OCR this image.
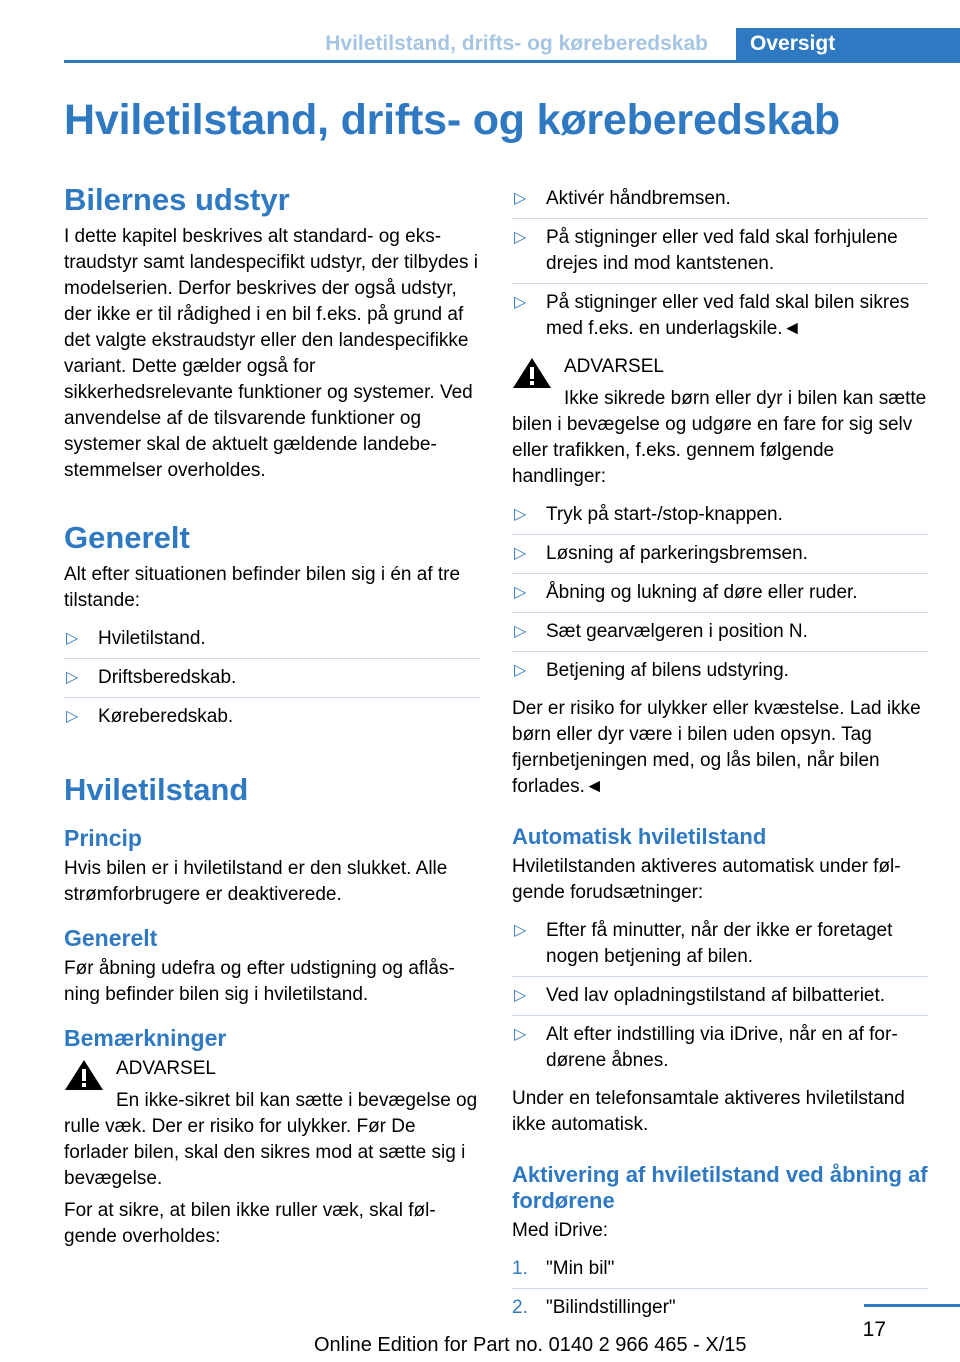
Hviletilstand, drifts- og køreberedskab	Oversigt
Hviletilstand, drifts- og køreberedskab
Bilernes udstyr

I dette kapitel beskrives alt standard- og ekstraudstyr samt landespecifikt udstyr, der tilbydes i modelserien. Derfor beskrives der også udstyr, der ikke er til rådighed i en bil f.eks. på grund af det valgte ekstraudstyr eller den landespecifikke variant. Dette gælder også for sikkerhedsrelevante funktioner og systemer. Ved anvendelse af de tilsvarende funktioner og systemer skal de aktuelt gældende landebestemmelser overholdes.

Generelt

Alt efter situationen befinder bilen sig i én af tre tilstande:

▷ Hviletilstand.
▷ Driftsberedskab.
▷ Køreberedskab.
Hviletilstand
Princip

Hvis bilen er i hviletilstand er den slukket. Alle strømforbrugere er deaktiverede.

Generelt

Før åbning udefra og efter udstigning og aflåsning befinder bilen sig i hviletilstand.

Bemærkninger
ADVARSEL
En ikke-sikret bil kan sætte i bevægelse og rulle væk. Der er risiko for ulykker. Før De forlader bilen, skal den sikres mod at sætte sig i bevægelse.

For at sikre, at bilen ikke ruller væk, skal følgende overholdes:

▷ Aktivér håndbremsen.
▷ På stigninger eller ved fald skal forhjulene drejes ind mod kantstenen.
▷ På stigninger eller ved fald skal bilen sikres med f.eks. en underlagskile.◄
ADVARSEL
Ikke sikrede børn eller dyr i bilen kan sætte bilen i bevægelse og udgøre en fare for sig selv eller trafikken, f.eks. gennem følgende handlinger:
▷ Tryk på start-/stop-knappen.
▷ Løsning af parkeringsbremsen.
▷ Åbning og lukning af døre eller ruder.
▷ Sæt gearvælgeren i position N.
▷ Betjening af bilens udstyring.

Der er risiko for ulykker eller kvæstelse. Lad ikke børn eller dyr være i bilen uden opsyn. Tag fjernbetjeningen med, og lås bilen, når bilen forlades.◄

Automatisk hviletilstand

Hviletilstanden aktiveres automatisk under følgende forudsætninger:

▷ Efter få minutter, når der ikke er foretaget nogen betjening af bilen.
▷ Ved lav opladningstilstand af bilbatteriet.
▷ Alt efter indstilling via iDrive, når en af fordørene åbnes.

Under en telefonsamtale aktiveres hviletilstand ikke automatisk.

Aktivering af hviletilstand ved åbning af fordørene

Med iDrive:

1. "Min bil"
2. "Bilindstillinger"
17
Online Edition for Part no. 0140 2 966 465 - X/15
